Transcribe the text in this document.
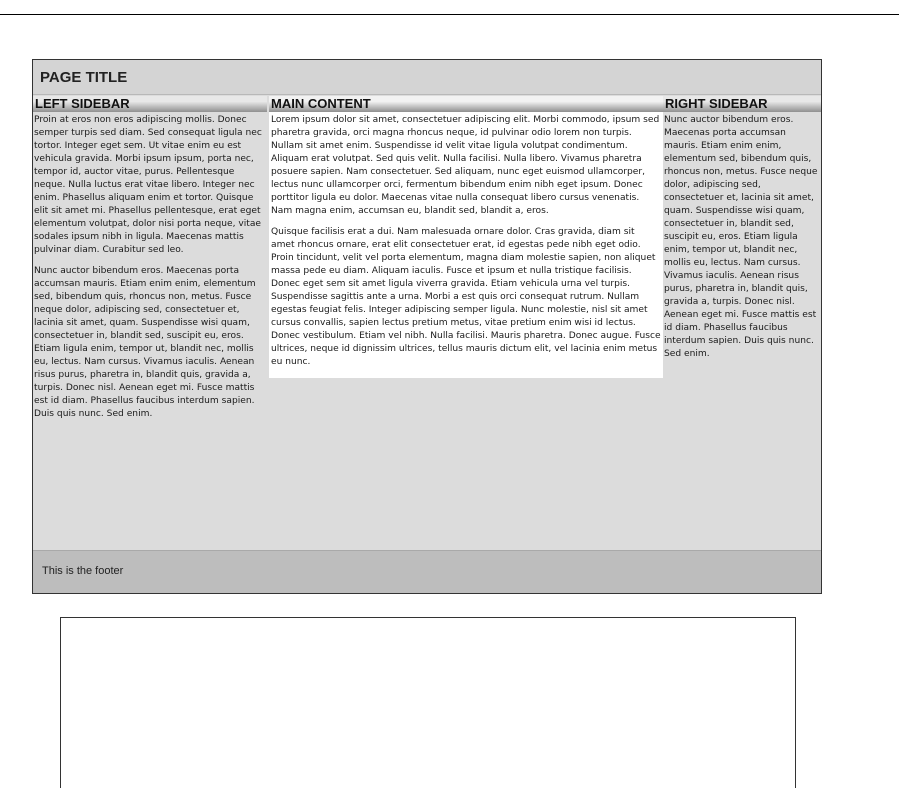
PAGE TITLE
LEFT SIDEBAR

Proin at eros non eros adipiscing mollis. Donec semper turpis sed diam. Sed consequat ligula nec tortor. Integer eget sem. Ut vitae enim eu est vehicula gravida. Morbi ipsum ipsum, porta nec, tempor id, auctor vitae, purus. Pellentesque neque. Nulla luctus erat vitae libero. Integer nec enim. Phasellus aliquam enim et tortor. Quisque elit sit amet mi. Phasellus pellentesque, erat eget elementum volutpat, dolor nisi porta neque, vitae sodales ipsum nibh in ligula. Maecenas mattis pulvinar diam. Curabitur sed leo.

Nunc auctor bibendum eros. Maecenas porta accumsan mauris. Etiam enim enim, elementum sed, bibendum quis, rhoncus non, metus. Fusce neque dolor, adipiscing sed, consectetuer et, lacinia sit amet, quam. Suspendisse wisi quam, consectetuer in, blandit sed, suscipit eu, eros. Etiam ligula enim, tempor ut, blandit nec, mollis eu, lectus. Nam cursus. Vivamus iaculis. Aenean risus purus, pharetra in, blandit quis, gravida a, turpis. Donec nisl. Aenean eget mi. Fusce mattis est id diam. Phasellus faucibus interdum sapien. Duis quis nunc. Sed enim.

MAIN CONTENT

Lorem ipsum dolor sit amet, consectetuer adipiscing elit. Morbi commodo, ipsum sed pharetra gravida, orci magna rhoncus neque, id pulvinar odio lorem non turpis. Nullam sit amet enim. Suspendisse id velit vitae ligula volutpat condimentum. Aliquam erat volutpat. Sed quis velit. Nulla facilisi. Nulla libero. Vivamus pharetra posuere sapien. Nam consectetuer. Sed aliquam, nunc eget euismod ullamcorper, lectus nunc ullamcorper orci, fermentum bibendum enim nibh eget ipsum. Donec porttitor ligula eu dolor. Maecenas vitae nulla consequat libero cursus venenatis. Nam magna enim, accumsan eu, blandit sed, blandit a, eros.

Quisque facilisis erat a dui. Nam malesuada ornare dolor. Cras gravida, diam sit amet rhoncus ornare, erat elit consectetuer erat, id egestas pede nibh eget odio. Proin tincidunt, velit vel porta elementum, magna diam molestie sapien, non aliquet massa pede eu diam. Aliquam iaculis. Fusce et ipsum et nulla tristique facilisis. Donec eget sem sit amet ligula viverra gravida. Etiam vehicula urna vel turpis. Suspendisse sagittis ante a urna. Morbi a est quis orci consequat rutrum. Nullam egestas feugiat felis. Integer adipiscing semper ligula. Nunc molestie, nisl sit amet cursus convallis, sapien lectus pretium metus, vitae pretium enim wisi id lectus. Donec vestibulum. Etiam vel nibh. Nulla facilisi. Mauris pharetra. Donec augue. Fusce ultrices, neque id dignissim ultrices, tellus mauris dictum elit, vel lacinia enim metus eu nunc.

RIGHT SIDEBAR

Nunc auctor bibendum eros. Maecenas porta accumsan mauris. Etiam enim enim, elementum sed, bibendum quis, rhoncus non, metus. Fusce neque dolor, adipiscing sed, consectetuer et, lacinia sit amet, quam. Suspendisse wisi quam, consectetuer in, blandit sed, suscipit eu, eros. Etiam ligula enim, tempor ut, blandit nec, mollis eu, lectus. Nam cursus. Vivamus iaculis. Aenean risus purus, pharetra in, blandit quis, gravida a, turpis. Donec nisl. Aenean eget mi. Fusce mattis est id diam. Phasellus faucibus interdum sapien. Duis quis nunc. Sed enim.

This is the footer
